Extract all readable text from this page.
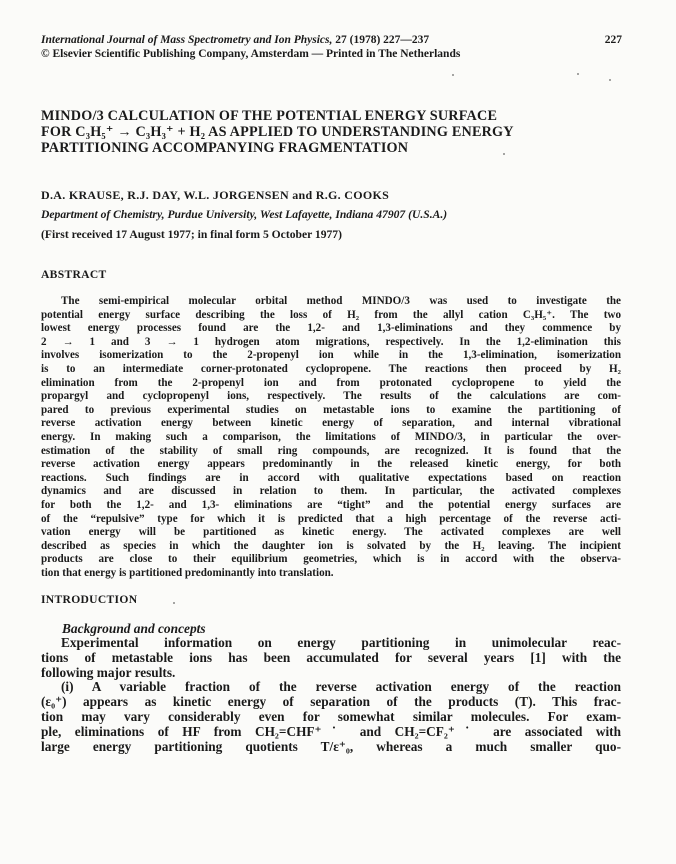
International Journal of Mass Spectrometry and Ion Physics, 27 (1978) 227—237	227
© Elsevier Scientific Publishing Company, Amsterdam — Printed in The Netherlands
MINDO/3 CALCULATION OF THE POTENTIAL ENERGY SURFACE
FOR C₃H₅⁺ → C₃H₃⁺ + H₂ AS APPLIED TO UNDERSTANDING ENERGY
PARTITIONING ACCOMPANYING FRAGMENTATION
D.A. KRAUSE, R.J. DAY, W.L. JORGENSEN and R.G. COOKS
Department of Chemistry, Purdue University, West Lafayette, Indiana 47907 (U.S.A.)
(First received 17 August 1977; in final form 5 October 1977)
ABSTRACT
The semi-empirical molecular orbital method MINDO/3 was used to investigate the
potential energy surface describing the loss of H₂ from the allyl cation C₃H₅⁺. The two
lowest energy processes found are the 1,2- and 1,3-eliminations and they commence by
2 → 1 and 3 → 1 hydrogen atom migrations, respectively. In the 1,2-elimination this
involves isomerization to the 2-propenyl ion while in the 1,3-elimination, isomerization
is to an intermediate corner-protonated cyclopropene. The reactions then proceed by H₂
elimination from the 2-propenyl ion and from protonated cyclopropene to yield the
propargyl and cyclopropenyl ions, respectively. The results of the calculations are com-
pared to previous experimental studies on metastable ions to examine the partitioning of
reverse activation energy between kinetic energy of separation, and internal vibrational
energy. In making such a comparison, the limitations of MINDO/3, in particular the over-
estimation of the stability of small ring compounds, are recognized. It is found that the
reverse activation energy appears predominantly in the released kinetic energy, for both
reactions. Such findings are in accord with qualitative expectations based on reaction
dynamics and are discussed in relation to them. In particular, the activated complexes
for both the 1,2- and 1,3- eliminations are “tight” and the potential energy surfaces are
of the “repulsive” type for which it is predicted that a high percentage of the reverse acti-
vation energy will be partitioned as kinetic energy. The activated complexes are well
described as species in which the daughter ion is solvated by the H₂ leaving. The incipient
products are close to their equilibrium geometries, which is in accord with the observa-
tion that energy is partitioned predominantly into translation.
INTRODUCTION
Background and concepts
Experimental information on energy partitioning in unimolecular reac-
tions of metastable ions has been accumulated for several years [1] with the
following major results.
(i) A variable fraction of the reverse activation energy of the reaction
(ε₀⁺) appears as kinetic energy of separation of the products (T). This frac-
tion may vary considerably even for somewhat similar molecules. For exam-
ple, eliminations of HF from CH₂=CHF⁺˙ and CH₂=CF₂⁺˙ are associated with
large energy partitioning quotients T/ε⁺₀, whereas a much smaller quo-
